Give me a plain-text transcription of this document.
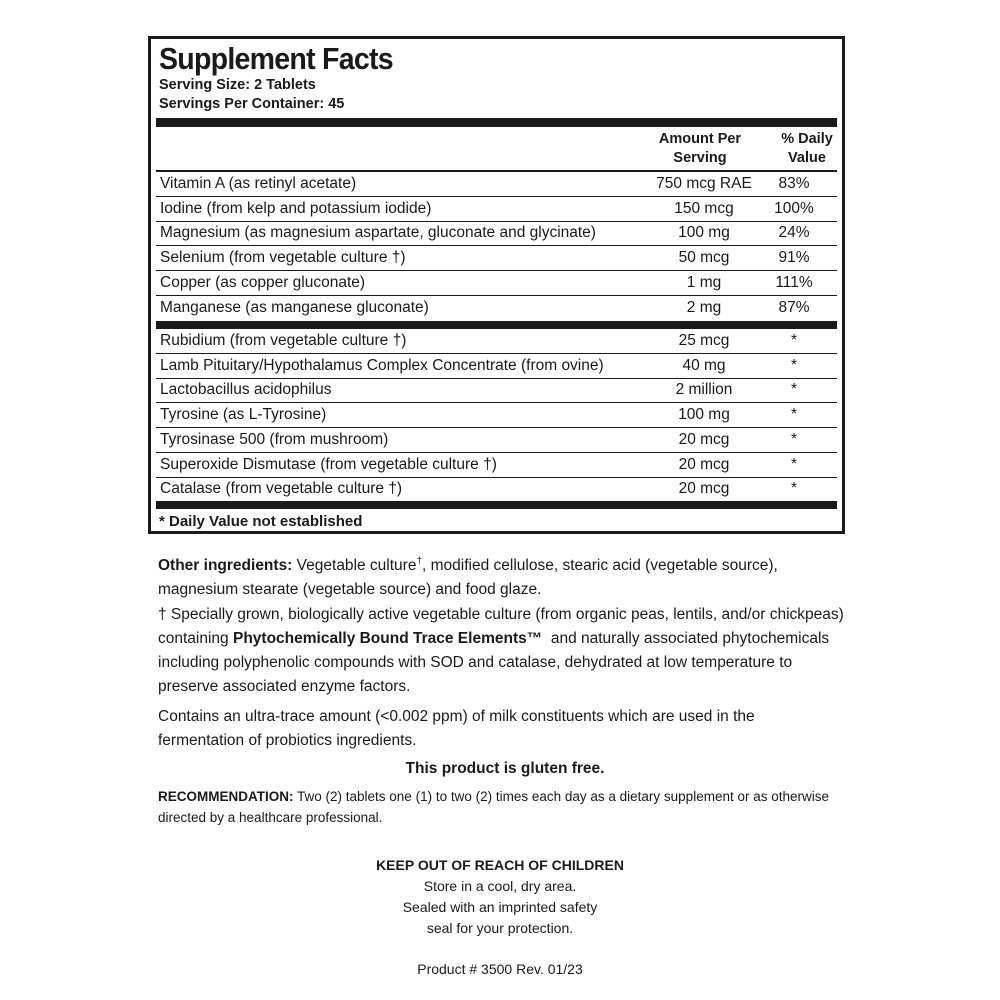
Supplement Facts
Serving Size: 2 Tablets
Servings Per Container: 45
Amount Per
Serving
% Daily
Value
Vitamin A (as retinyl acetate)	750 mcg RAE	83%
Iodine (from kelp and potassium iodide)	150 mcg	100%
Magnesium (as magnesium aspartate, gluconate and glycinate)	100 mg	24%
Selenium (from vegetable culture †)	50 mcg	91%
Copper (as copper gluconate)	1 mg	111%
Manganese (as manganese gluconate)	2 mg	87%
Rubidium (from vegetable culture †)	25 mcg	*
Lamb Pituitary/Hypothalamus Complex Concentrate (from ovine)	40 mg	*
Lactobacillus acidophilus	2 million	*
Tyrosine (as L-Tyrosine)	100 mg	*
Tyrosinase 500 (from mushroom)	20 mcg	*
Superoxide Dismutase (from vegetable culture †)	20 mcg	*
Catalase (from vegetable culture †)	20 mcg	*
* Daily Value not established
Other ingredients: Vegetable culture†, modified cellulose, stearic acid (vegetable source),
magnesium stearate (vegetable source) and food glaze.
† Specially grown, biologically active vegetable culture (from organic peas, lentils, and/or chickpeas)
containing Phytochemically Bound Trace Elements™  and naturally associated phytochemicals
including polyphenolic compounds with SOD and catalase, dehydrated at low temperature to
preserve associated enzyme factors.
Contains an ultra-trace amount (<0.002 ppm) of milk constituents which are used in the
fermentation of probiotics ingredients.
This product is gluten free.
RECOMMENDATION: Two (2) tablets one (1) to two (2) times each day as a dietary supplement or as otherwise
directed by a healthcare professional.
KEEP OUT OF REACH OF CHILDREN
Store in a cool, dry area.
Sealed with an imprinted safety
seal for your protection.
Product # 3500 Rev. 01/23
